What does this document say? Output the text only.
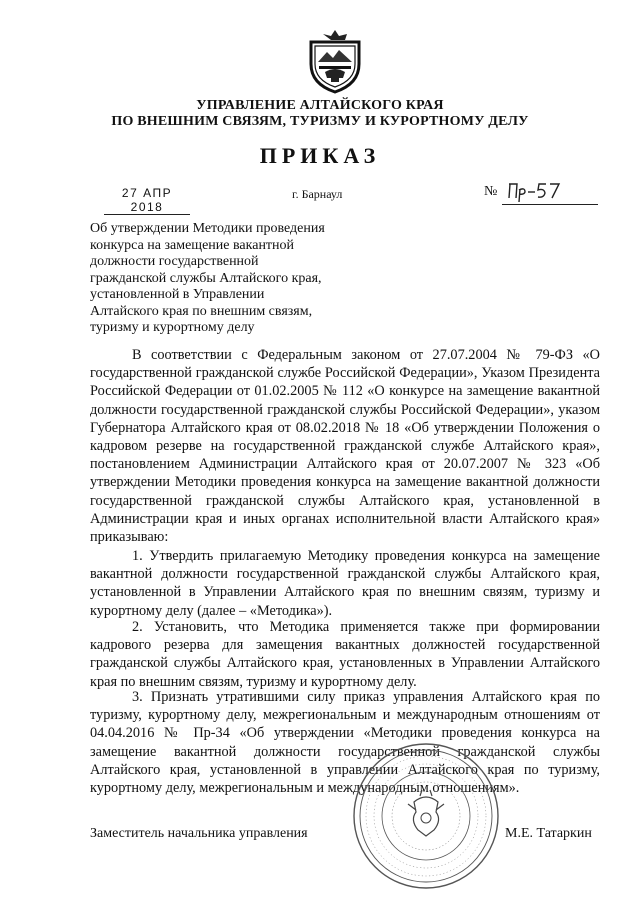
УПРАВЛЕНИЕ АЛТАЙСКОГО КРАЯ
ПО ВНЕШНИМ СВЯЗЯМ, ТУРИЗМУ И КУРОРТНОМУ ДЕЛУ
ПРИКАЗ
27 АПР 2018
г. Барнаул	№
Об утверждении Методики проведения
конкурса на замещение вакантной
должности государственной
гражданской службы Алтайского края,
установленной в Управлении
Алтайского края по внешним связям,
туризму и курортному делу

В соответствии с Федеральным законом от 27.07.2004 № 79-ФЗ «О государственной гражданской службе Российской Федерации», Указом Президента Российской Федерации от 01.02.2005 № 112 «О конкурсе на замещение вакантной должности государственной гражданской службы Российской Федерации», указом Губернатора Алтайского края от 08.02.2018 № 18 «Об утверждении Положения о кадровом резерве на государственной гражданской службе Алтайского края», постановлением Администрации Алтайского края от 20.07.2007 № 323 «Об утверждении Методики проведения конкурса на замещение вакантной должности государственной гражданской службы Алтайского края, установленной в Администрации края и иных органах исполнительной власти Алтайского края» приказываю:

1. Утвердить прилагаемую Методику проведения конкурса на замещение вакантной должности государственной гражданской службы Алтайского края, установленной в Управлении Алтайского края по внешним связям, туризму и курортному делу (далее – «Методика»).

2. Установить, что Методика применяется также при формировании кадрового резерва для замещения вакантных должностей государственной гражданской службы Алтайского края, установленных в Управлении Алтайского края по внешним связям, туризму и курортному делу.

3. Признать утратившими силу приказ управления Алтайского края по туризму, курортному делу, межрегиональным и международным отношениям от 04.04.2016 № Пр-34 «Об утверждении «Методики проведения конкурса на замещение вакантной должности государственной гражданской службы Алтайского края, установленной в управлении Алтайского края по туризму, курортному делу, межрегиональным и международным отношениям».

Заместитель начальника управления	М.Е. Татаркин
